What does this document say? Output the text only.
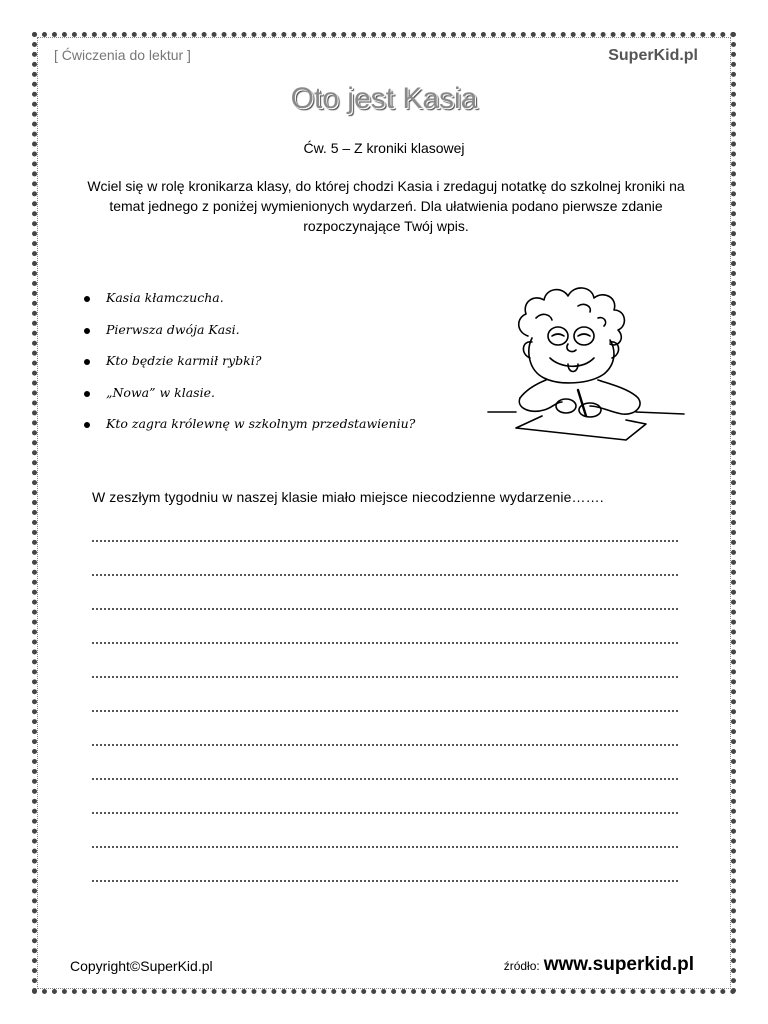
[ Ćwiczenia do lektur ]	SuperKid.pl
Oto jest Kasia
Ćw. 5 – Z kroniki klasowej
Wciel się w rolę kronikarza klasy, do której chodzi Kasia i zredaguj notatkę do szkolnej kroniki na temat jednego z poniżej wymienionych wydarzeń. Dla ułatwienia podano pierwsze zdanie rozpoczynające Twój wpis.
Kasia kłamczucha.
Pierwsza dwója Kasi.
Kto będzie karmił rybki?
„Nowa” w klasie.
Kto zagra królewnę w szkolnym przedstawieniu?
W zeszłym tygodniu w naszej klasie miało miejsce niecodzienne wydarzenie…….
Copyright©SuperKid.pl	źródło: www.superkid.pl
